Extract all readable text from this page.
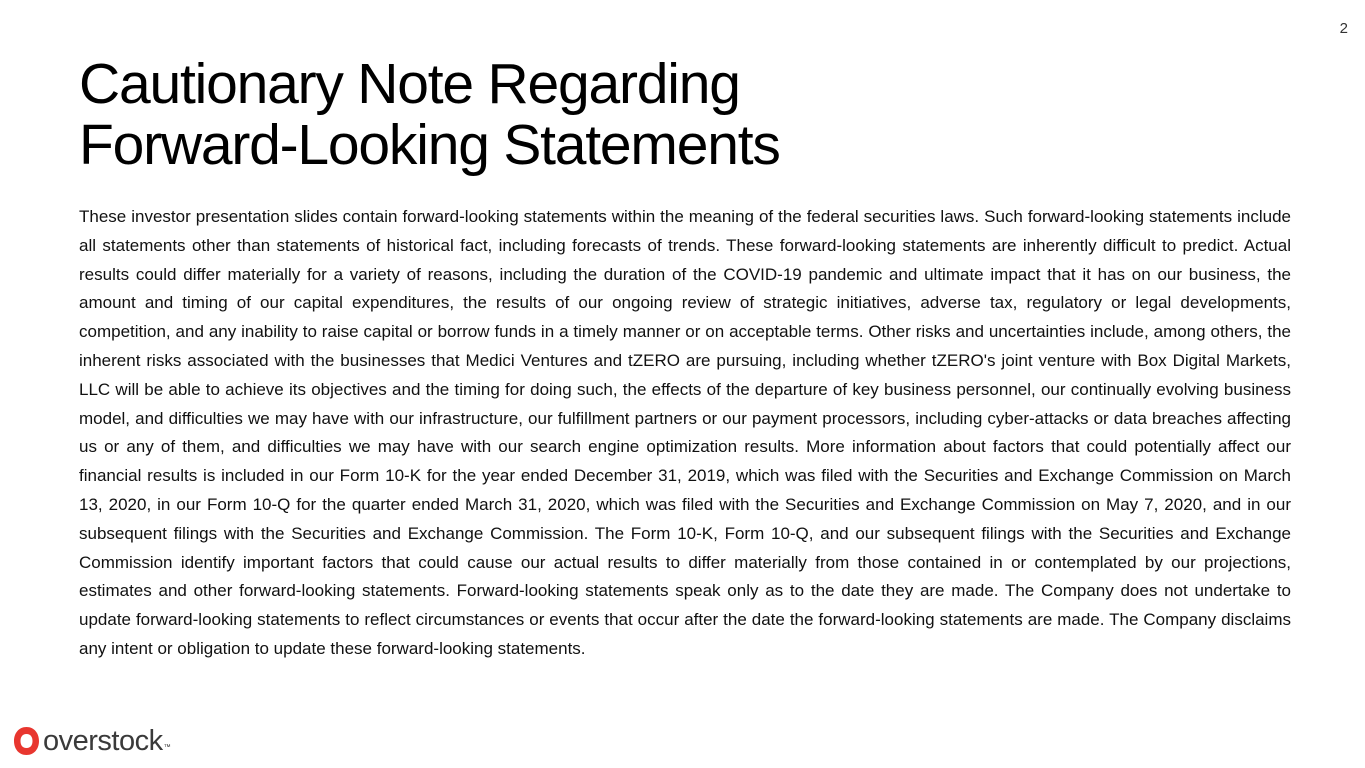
2
Cautionary Note Regarding
Forward-Looking Statements

These investor presentation slides contain forward-looking statements within the meaning of the federal securities laws. Such forward-looking statements include all statements other than statements of historical fact, including forecasts of trends. These forward-looking statements are inherently difficult to predict. Actual results could differ materially for a variety of reasons, including the duration of the COVID-19 pandemic and ultimate impact that it has on our business, the amount and timing of our capital expenditures, the results of our ongoing review of strategic initiatives, adverse tax, regulatory or legal developments, competition, and any inability to raise capital or borrow funds in a timely manner or on acceptable terms. Other risks and uncertainties include, among others, the inherent risks associated with the businesses that Medici Ventures and tZERO are pursuing, including whether tZERO's joint venture with Box Digital Markets, LLC will be able to achieve its objectives and the timing for doing such, the effects of the departure of key business personnel, our continually evolving business model, and difficulties we may have with our infrastructure, our fulfillment partners or our payment processors, including cyber-attacks or data breaches affecting us or any of them, and difficulties we may have with our search engine optimization results. More information about factors that could potentially affect our financial results is included in our Form 10-K for the year ended December 31, 2019, which was filed with the Securities and Exchange Commission on March 13, 2020, in our Form 10-Q for the quarter ended March 31, 2020, which was filed with the Securities and Exchange Commission on May 7, 2020, and in our subsequent filings with the Securities and Exchange Commission. The Form 10-K, Form 10-Q, and our subsequent filings with the Securities and Exchange Commission identify important factors that could cause our actual results to differ materially from those contained in or contemplated by our projections, estimates and other forward-looking statements. Forward-looking statements speak only as to the date they are made. The Company does not undertake to update forward-looking statements to reflect circumstances or events that occur after the date the forward-looking statements are made. The Company disclaims any intent or obligation to update these forward-looking statements.

overstock ™
